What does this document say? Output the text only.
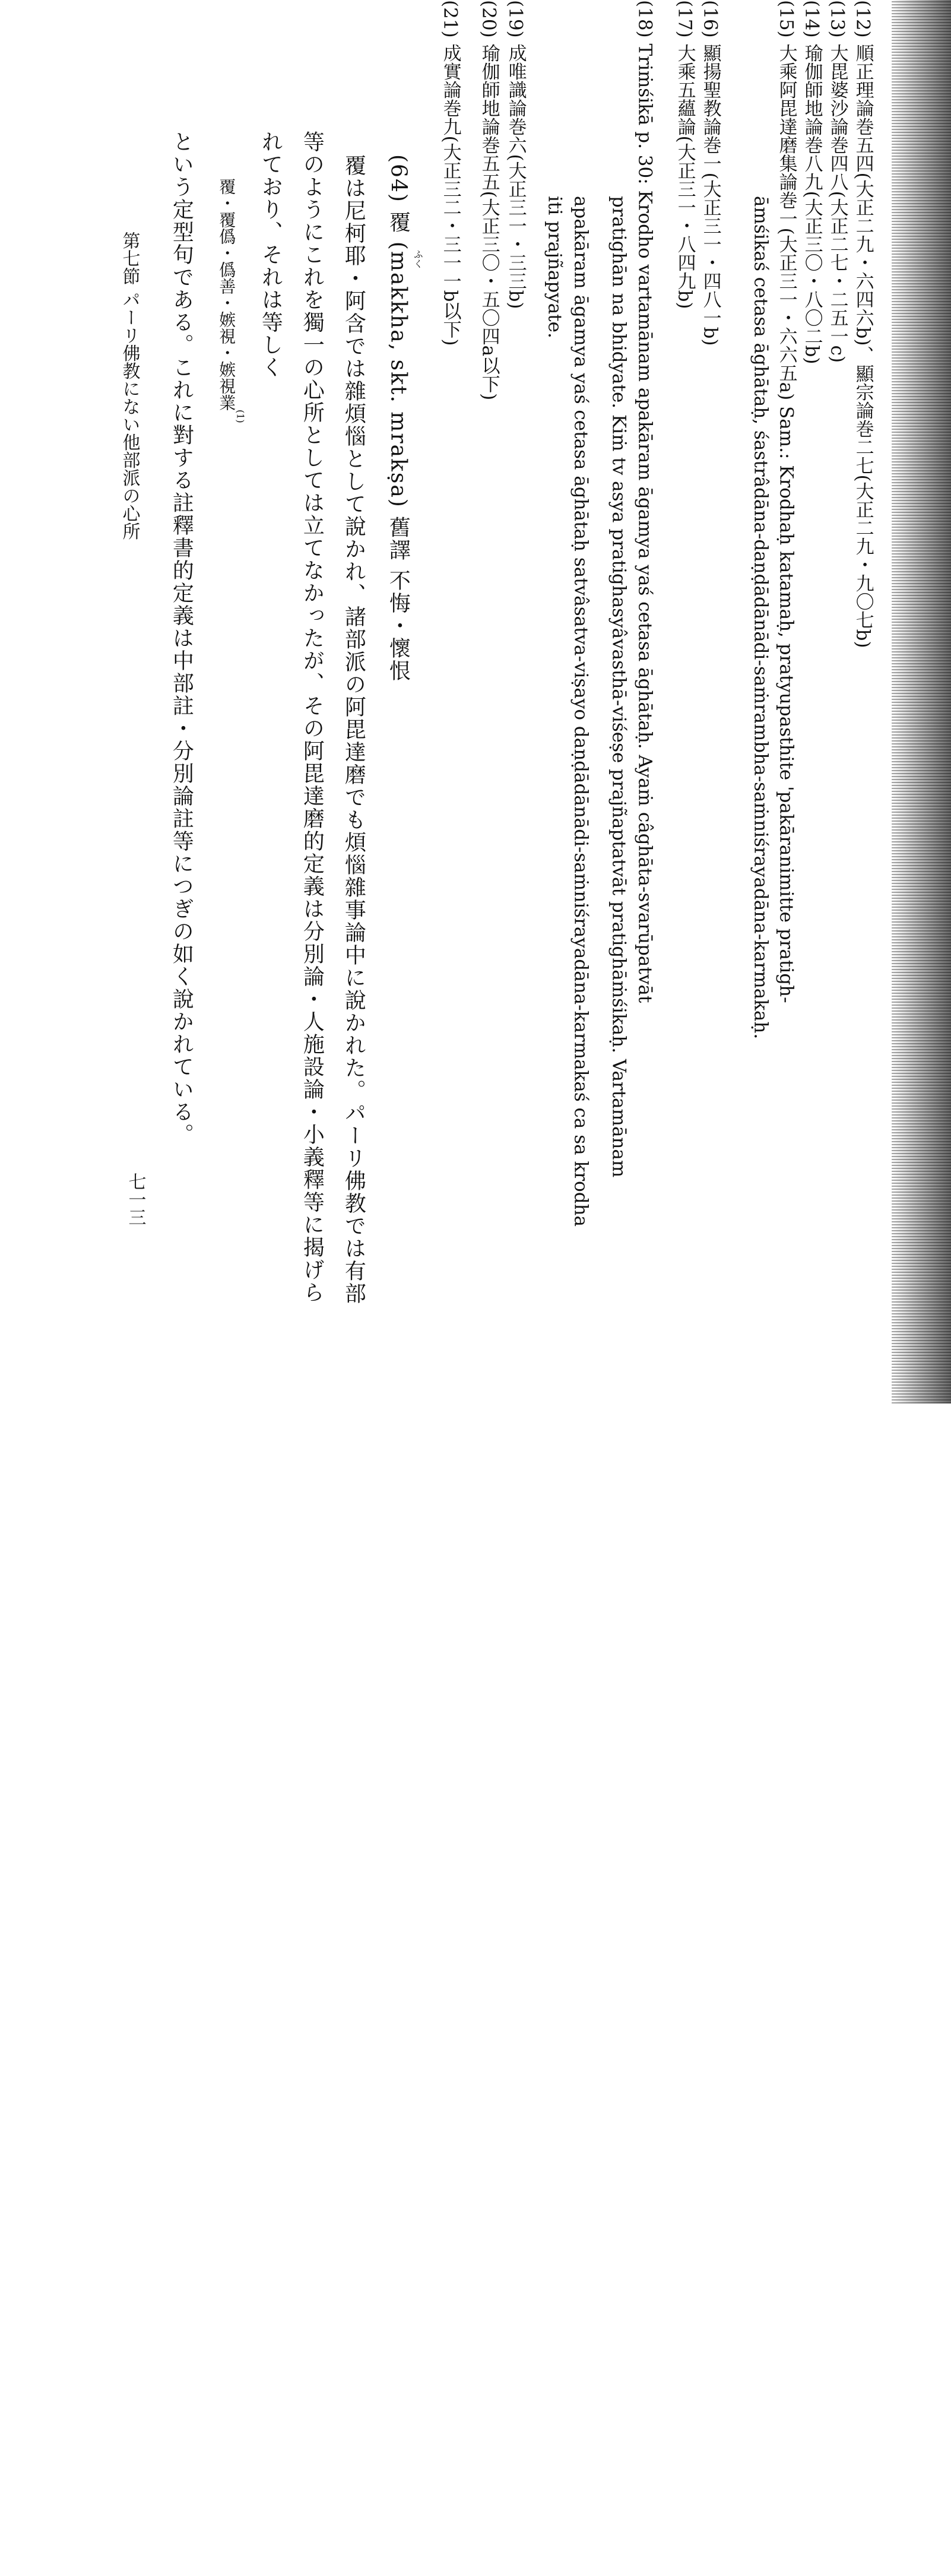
(12) 順正理論巻五四(大正二九・六四六b)、顯宗論巻二七(大正二九・九〇七b)

(13) 大毘婆沙論巻四八(大正二七・二五一c)

(14) 瑜伽師地論巻八九(大正三〇・八〇二b)

(15) 大乘阿毘達磨集論巻一(大正三一・六六五a) Sam.: Krodhaḥ katamaḥ, pratyupasthite 'pakāranimitte pratigh-

āmśikaś cetasa āghātaḥ, śastrâdāna-daṇḍādānādi-saṁrambha-saṁniśrayadāna-karmakaḥ.

(16) 顯揚聖教論巻一(大正三一・四八一b)

(17) 大乘五蘊論(大正三一・八四九b)

(18) Triṁśikā p. 30: Krodho vartamānam apakāram āgamya yaś cetasa āghātaḥ. Ayaṁ câghāta-svarūpatvāt

pratighān na bhidyate. Kiṁ tv asya pratighasyâvasthā-viśeṣe prajñaptatvāt pratighāṁśikaḥ. Vartamānam

apakāram āgamya yaś cetasa āghātaḥ satvâsatva-viṣayo daṇḍādānādi-saṁniśrayadāna-karmakaś ca sa krodha

iti prajñapyate.

(19) 成唯識論巻六(大正三一・三三b)

(20) 瑜伽師地論巻五五(大正三〇・五〇四a以下)

(21) 成實論巻九(大正三二・三一一b以下)

(64) 覆 (makkha, skt. mrakṣa) 舊譯 不悔・懷恨 ふく

覆は尼柯耶・阿含では雜煩惱として說かれ、諸部派の阿毘達磨でも煩惱雜事論中に說かれた。パーリ佛教では有部

等のようにこれを獨一の心所としては立てなかったが、その阿毘達磨的定義は分別論・人施設論・小義釋等に揭げら

れており、それは等しく

覆・覆僞・僞善・嫉視・嫉視業

(1)

という定型句である。これに對する註釋書的定義は中部註・分別論註等につぎの如く說かれている。

第七節 パーリ佛教にない他部派の心所

七一三
